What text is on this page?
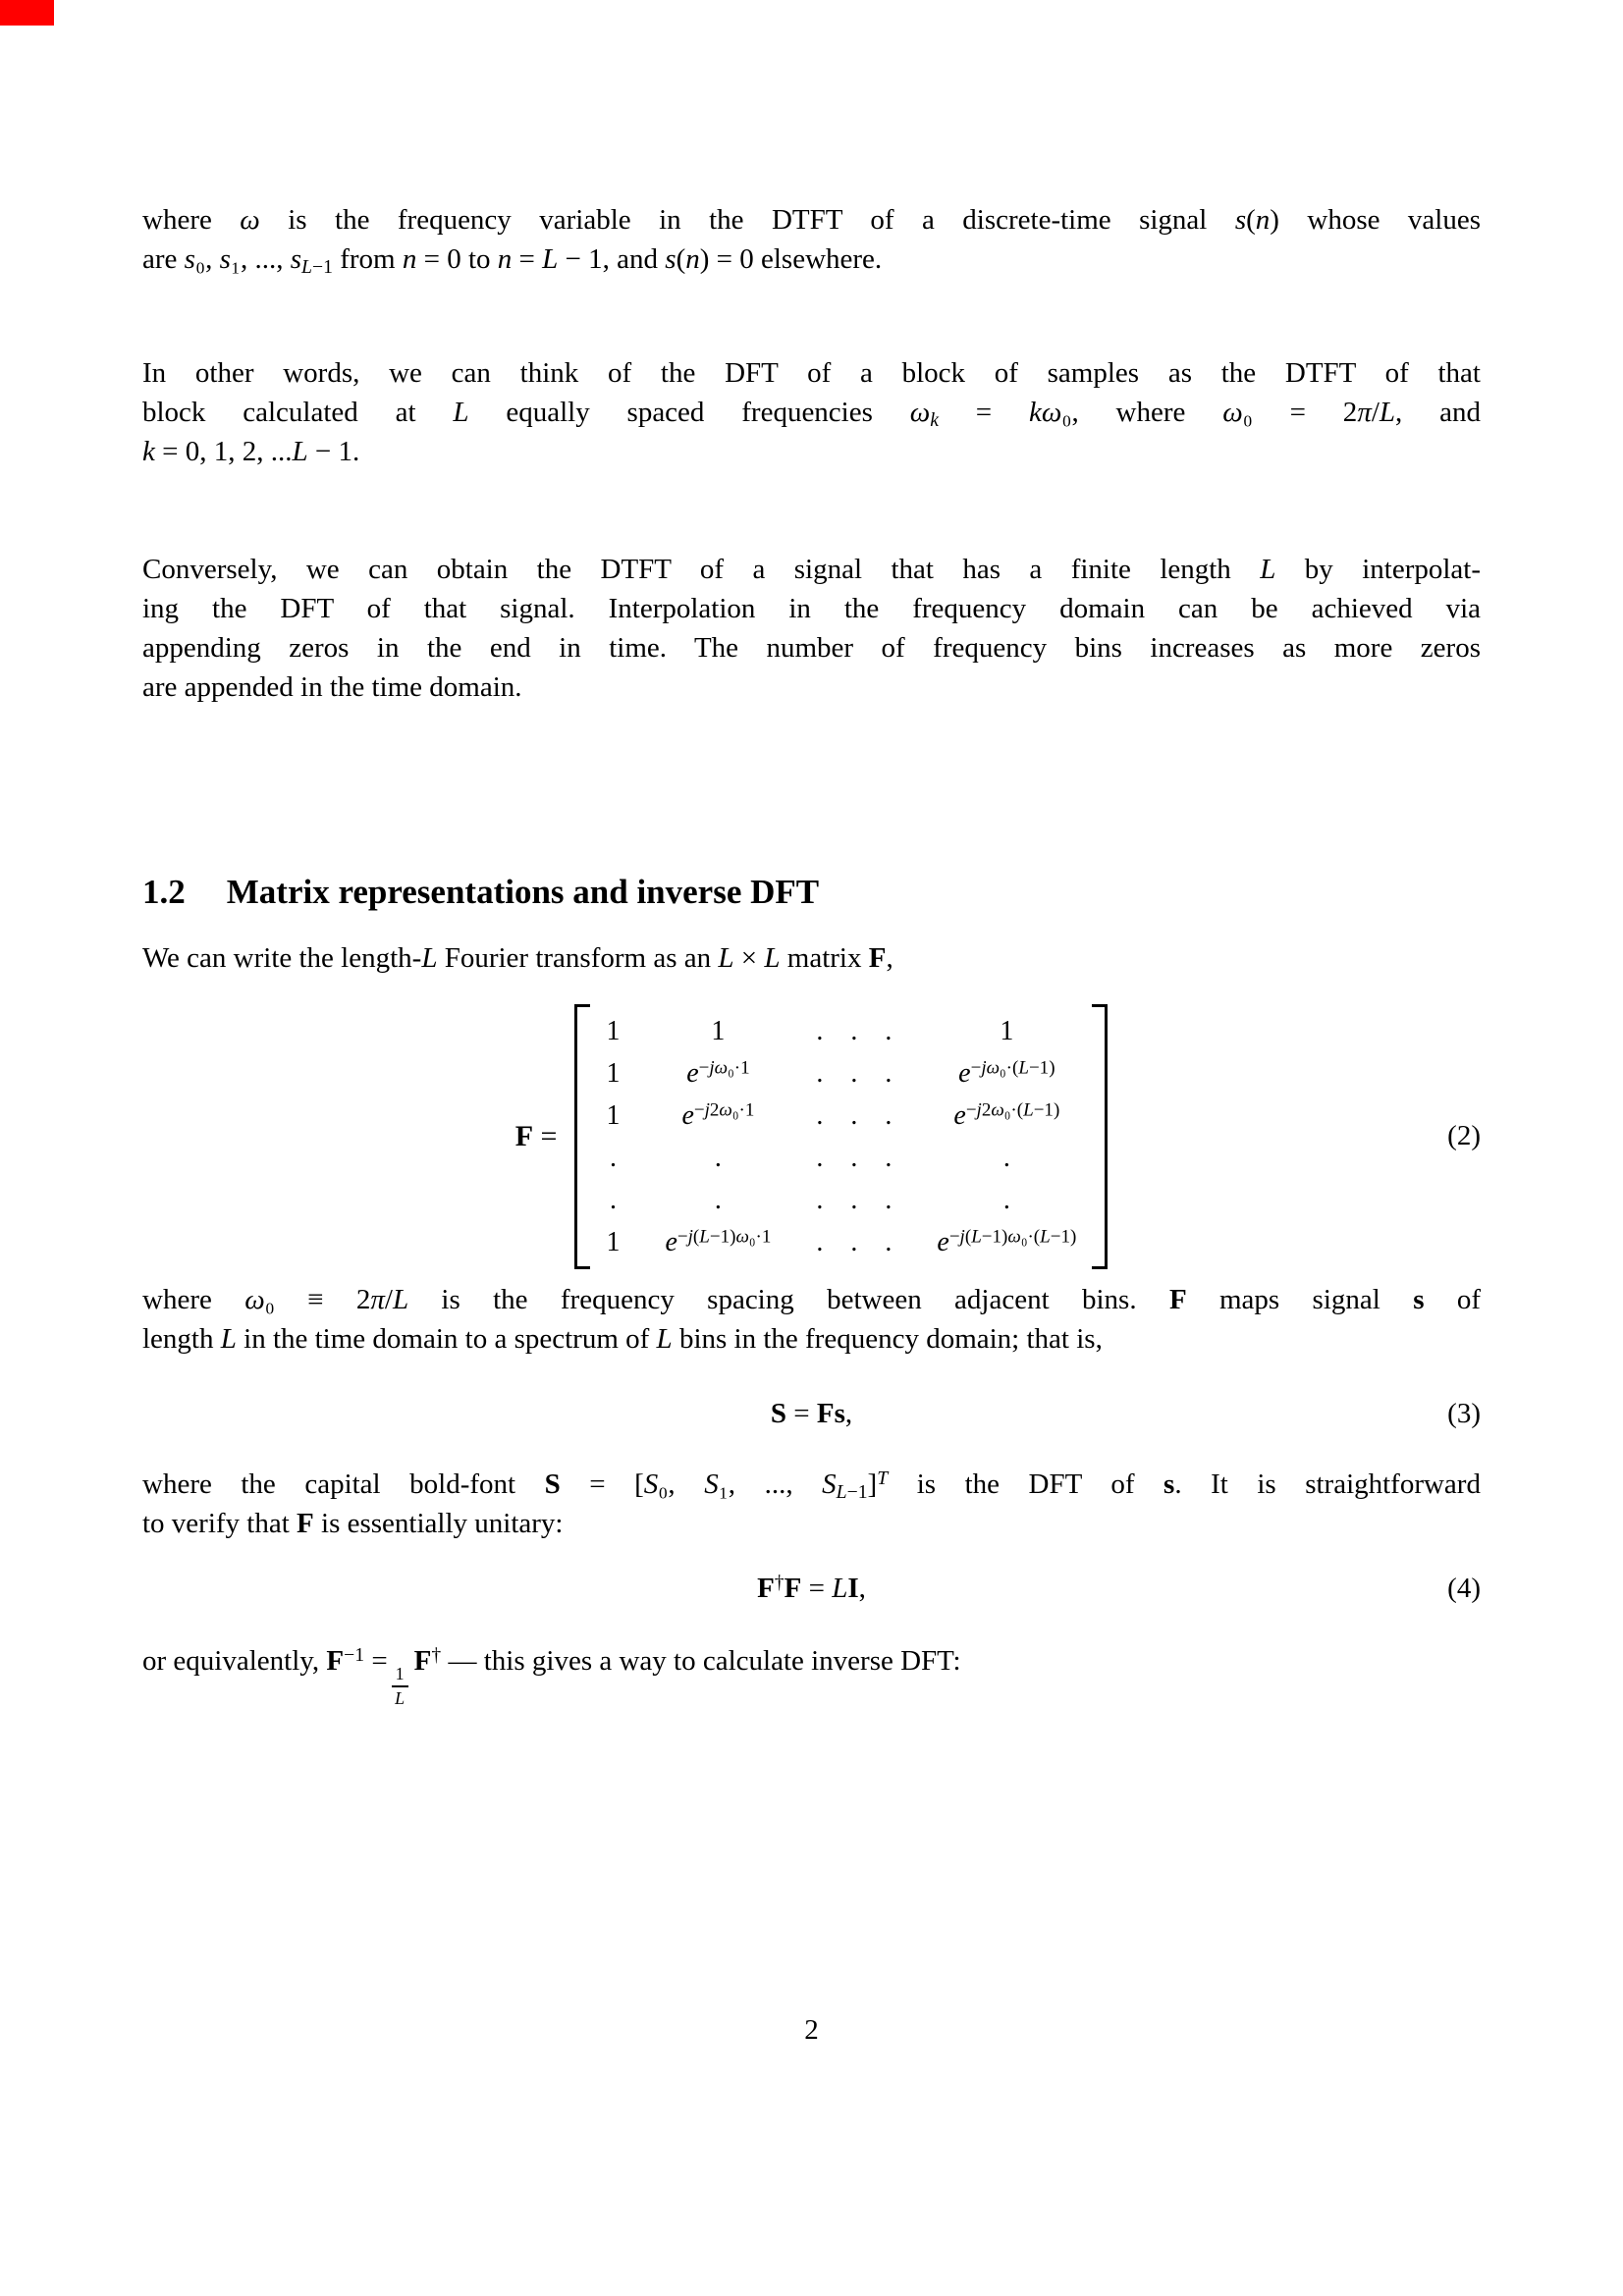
where ω is the frequency variable in the DTFT of a discrete-time signal s(n) whose values
are s₀, s₁, ..., $s_{L-1}$ from n = 0 to n = L − 1, and s(n) = 0 elsewhere.
In other words, we can think of the DFT of a block of samples as the DTFT of that
block calculated at L equally spaced frequencies $\omega_k = k\omega_0$, where ω₀ = 2π/L, and
k = 0, 1, 2, ...L − 1.
Conversely, we can obtain the DTFT of a signal that has a finite length L by interpolat-
ing the DFT of that signal. Interpolation in the frequency domain can be achieved via
appending zeros in the end in time. The number of frequency bins increases as more zeros
are appended in the time domain.
1.2 Matrix representations and inverse DFT
We can write the length-L Fourier transform as an L × L matrix F,
F =
1	1	. . .	1
1 $e^{-j\omega_0\cdot 1}$ . . . $e^{-j\omega_0\cdot(L-1)}$
1 $e^{-j2\omega_0\cdot 1}$ . . . $e^{-j2\omega_0\cdot(L-1)}$
.	.	. . .	.
.	.	. . .	.
1 $e^{-j(L-1)\omega_0\cdot 1}$ . . . $e^{-j(L-1)\omega_0\cdot(L-1)}$
(2)
where ω₀ ≡ 2π/L is the frequency spacing between adjacent bins. F maps signal s of
length L in the time domain to a spectrum of L bins in the frequency domain; that is,
S = Fs,	(3)
where the capital bold-font S = [S₀, S₁, ..., $S_{L-1}]^T$ is the DFT of s. It is straightforward
to verify that F is essentially unitary:
F†F = LI,	(4)
or equivalently, $F^{-1}$ =
$\frac{1}{L}$
F† — this gives a way to calculate inverse DFT:
2
